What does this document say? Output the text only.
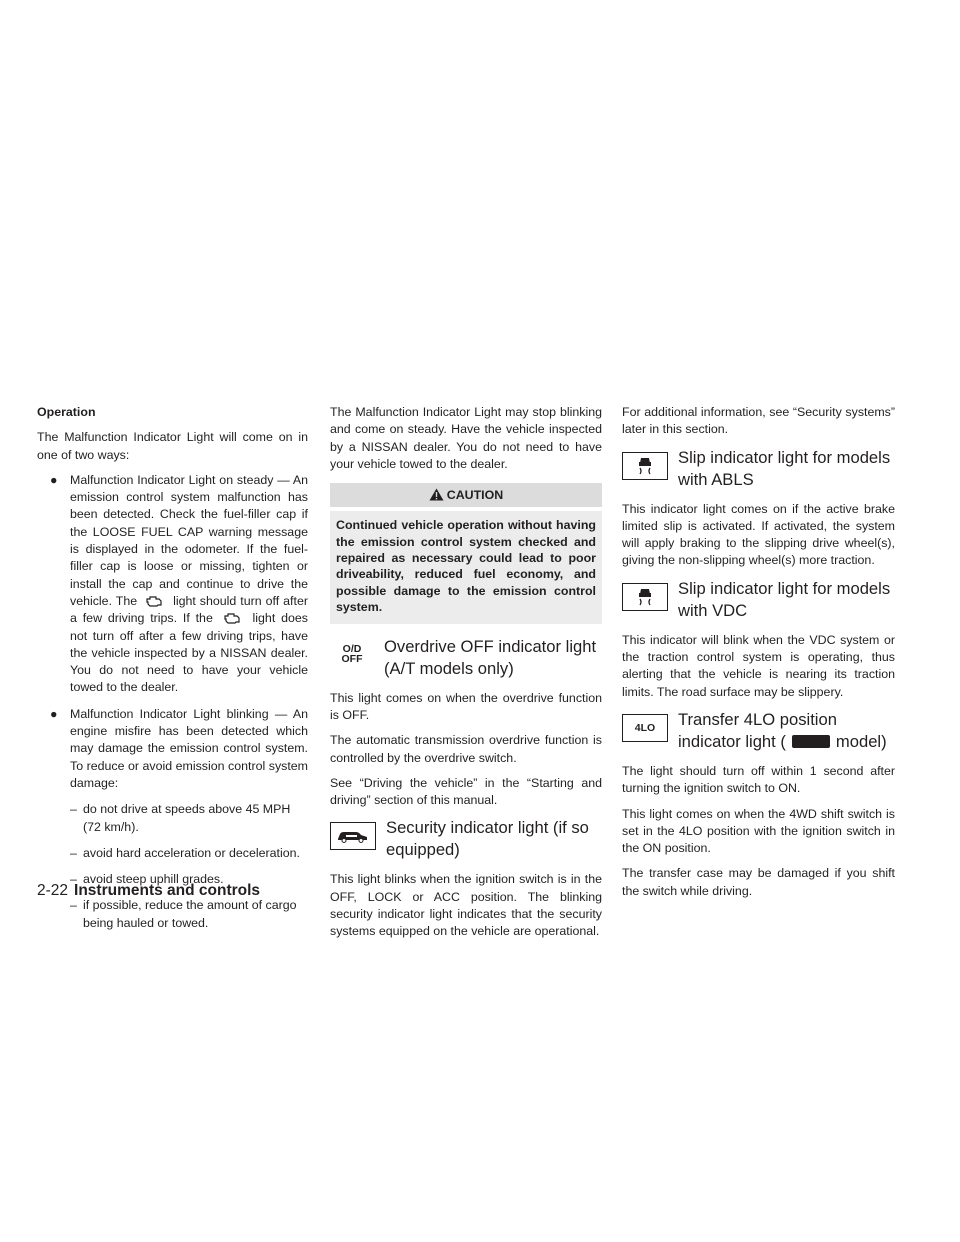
Operation

The Malfunction Indicator Light will come on in one of two ways:

● Malfunction Indicator Light on steady — An emission control system malfunction has been detected. Check the fuel-filler cap if the LOOSE FUEL CAP warning message is displayed in the odometer. If the fuel-filler cap is loose or missing, tighten or install the cap and continue to drive the vehicle. The	light should turn off after a few driving trips. If the	light does not turn off after a few driving trips, have the vehicle inspected by a NISSAN dealer. You do not need to have your vehicle towed to the dealer.
● Malfunction Indicator Light blinking — An engine misfire has been detected which may damage the emission control system. To reduce or avoid emission control system damage:
– do not drive at speeds above 45 MPH (72 km/h).
– avoid hard acceleration or deceleration.
– avoid steep uphill grades.
– if possible, reduce the amount of cargo being hauled or towed.

The Malfunction Indicator Light may stop blinking and come on steady. Have the vehicle inspected by a NISSAN dealer. You do not need to have your vehicle towed to the dealer.

CAUTION
Continued vehicle operation without having the emission control system checked and repaired as necessary could lead to poor driveability, reduced fuel economy, and possible damage to the emission control system.
O/D
OFF
Overdrive OFF indicator light (A/T models only)

This light comes on when the overdrive function is OFF.

The automatic transmission overdrive function is controlled by the overdrive switch.

See “Driving the vehicle” in the “Starting and driving” section of this manual.

Security indicator light (if so equipped)

This light blinks when the ignition switch is in the OFF, LOCK or ACC position. The blinking security indicator light indicates that the security systems equipped on the vehicle are operational.

For additional information, see “Security systems” later in this section.

Slip indicator light for models with ABLS

This indicator light comes on if the active brake limited slip is activated. If activated, the system will apply braking to the slipping drive wheel(s), giving the non-slipping wheel(s) more traction.

Slip indicator light for models with VDC

This indicator will blink when the VDC system or the traction control system is operating, thus alerting that the vehicle is nearing its traction limits. The road surface may be slippery.

4LO	Transfer 4LO position indicator light (	model)

The light should turn off within 1 second after turning the ignition switch to ON.

This light comes on when the 4WD shift switch is set in the 4LO position with the ignition switch in the ON position.

The transfer case may be damaged if you shift the switch while driving.

2-22 Instruments and controls
